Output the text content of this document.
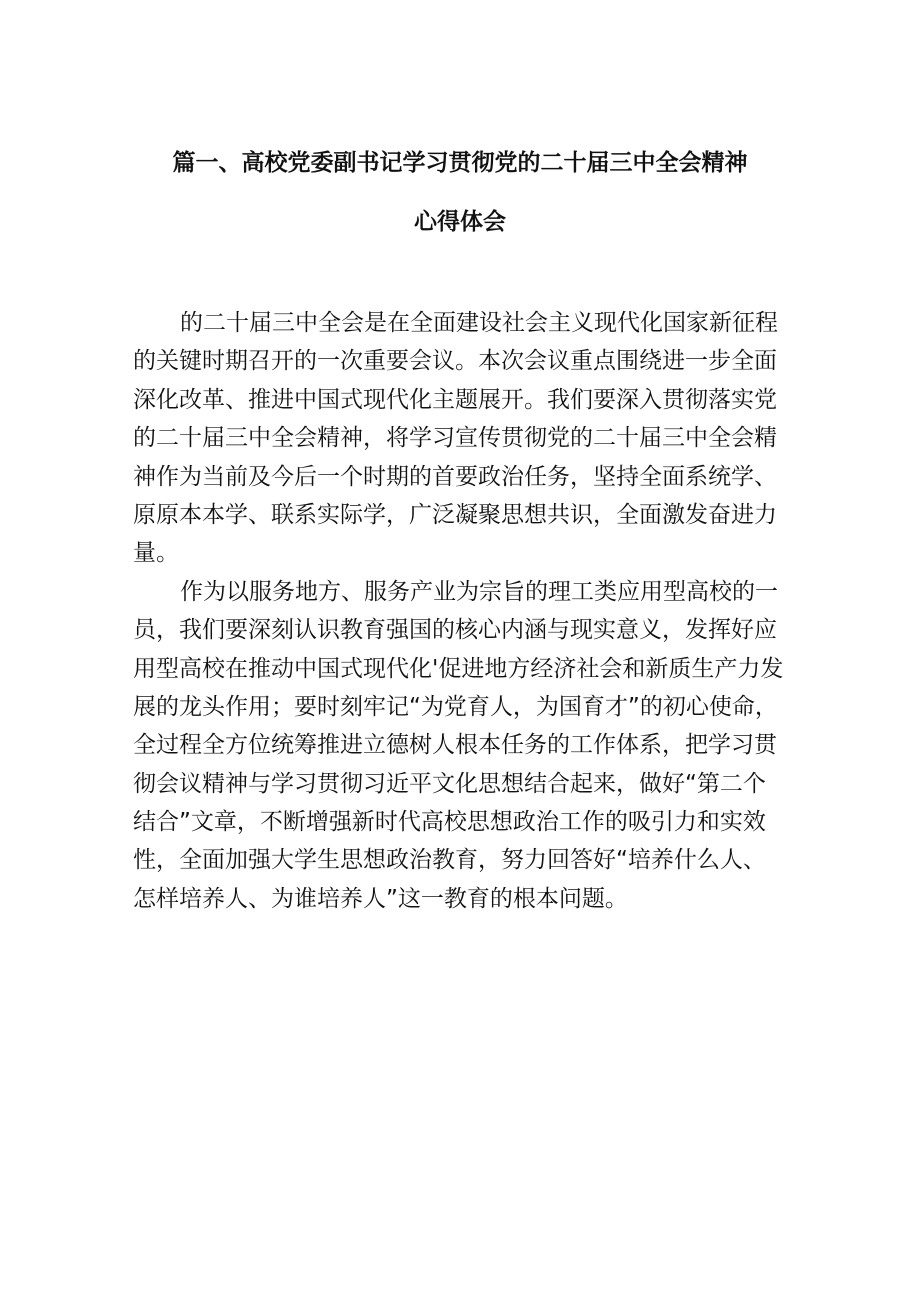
篇一、高校党委副书记学习贯彻党的二十届三中全会精神
心得体会
的二十届三中全会是在全面建设社会主义现代化国家新征程
的关键时期召开的一次重要会议。本次会议重点围绕进一步全面
深化改革、推进中国式现代化主题展开。我们要深入贯彻落实党
的二十届三中全会精神，将学习宣传贯彻党的二十届三中全会精
神作为当前及今后一个时期的首要政治任务，坚持全面系统学、
原原本本学、联系实际学，广泛凝聚思想共识，全面激发奋进力
量。
作为以服务地方、服务产业为宗旨的理工类应用型高校的一
员，我们要深刻认识教育强国的核心内涵与现实意义，发挥好应
用型高校在推动中国式现代化'促进地方经济社会和新质生产力发
展的龙头作用；要时刻牢记“为党育人，为国育才”的初心使命，
全过程全方位统筹推进立德树人根本任务的工作体系，把学习贯
彻会议精神与学习贯彻习近平文化思想结合起来，做好“第二个
结合”文章，不断增强新时代高校思想政治工作的吸引力和实效
性，全面加强大学生思想政治教育，努力回答好“培养什么人、
怎样培养人、为谁培养人”这一教育的根本问题。
